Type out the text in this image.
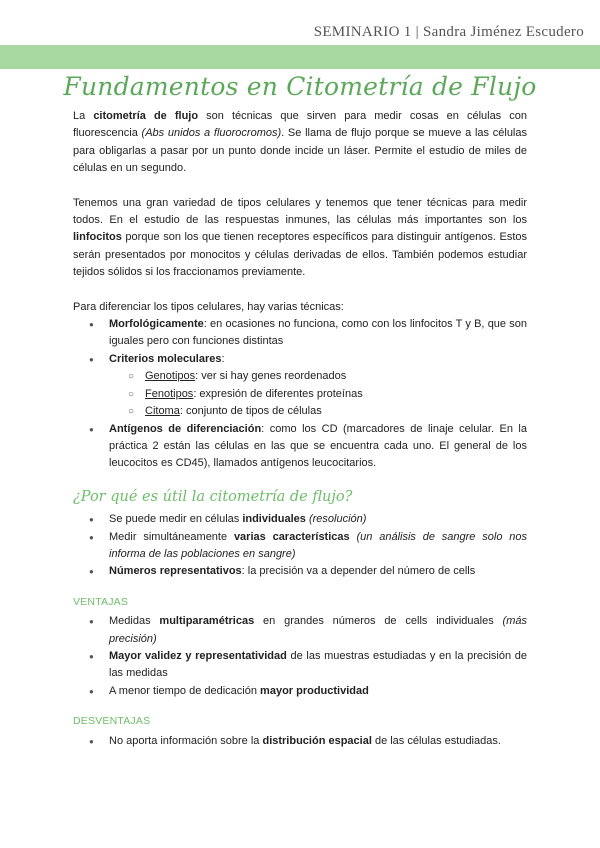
SEMINARIO 1 | Sandra Jiménez Escudero
Fundamentos en Citometría de Flujo

La citometría de flujo son técnicas que sirven para medir cosas en células con fluorescencia (Abs unidos a fluorocromos). Se llama de flujo porque se mueve a las células para obligarlas a pasar por un punto donde incide un láser. Permite el estudio de miles de células en un segundo.

Tenemos una gran variedad de tipos celulares y tenemos que tener técnicas para medir todos. En el estudio de las respuestas inmunes, las células más importantes son los linfocitos porque son los que tienen receptores específicos para distinguir antígenos. Estos serán presentados por monocitos y células derivadas de ellos. También podemos estudiar tejidos sólidos si los fraccionamos previamente.

Para diferenciar los tipos celulares, hay varias técnicas:

● Morfológicamente: en ocasiones no funciona, como con los linfocitos T y B, que son iguales pero con funciones distintas
● Criterios moleculares:
○ Genotipos: ver si hay genes reordenados
○ Fenotipos: expresión de diferentes proteínas
○ Citoma: conjunto de tipos de células
● Antígenos de diferenciación: como los CD (marcadores de linaje celular. En la práctica 2 están las células en las que se encuentra cada uno. El general de los leucocitos es CD45), llamados antígenos leucocitarios.
¿Por qué es útil la citometría de flujo?
● Se puede medir en células individuales (resolución)
● Medir simultáneamente varias características (un análisis de sangre solo nos informa de las poblaciones en sangre)
● Números representativos: la precisión va a depender del número de cells
VENTAJAS
● Medidas multiparamétricas en grandes números de cells individuales (más precisión)
● Mayor validez y representatividad de las muestras estudiadas y en la precisión de las medidas
● A menor tiempo de dedicación mayor productividad
DESVENTAJAS
● No aporta información sobre la distribución espacial de las células estudiadas.
